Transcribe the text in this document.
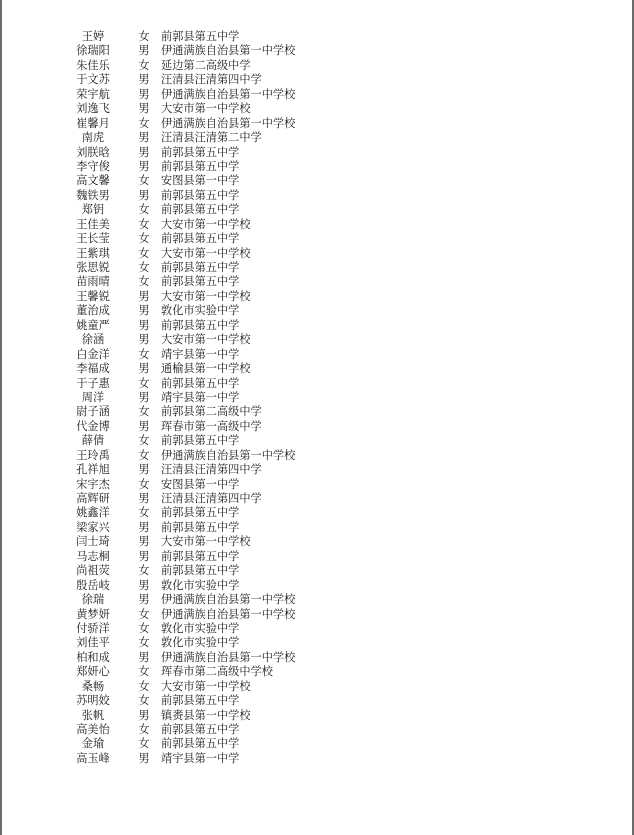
王婷	女 前郭县第五中学
徐瑞阳	男 伊通满族自治县第一中学校
朱佳乐	女 延边第二高级中学
于文苏	男 汪清县汪清第四中学
荣宇航	男 伊通满族自治县第一中学校
刘逸飞	男 大安市第一中学校
崔馨月	女 伊通满族自治县第一中学校
南虎	男 汪清县汪清第二中学
刘朕晗	男 前郭县第五中学
李守俊	男 前郭县第五中学
高文馨	女 安图县第一中学
魏铁男	男 前郭县第五中学
郑钥	女 前郭县第五中学
王佳美	女 大安市第一中学校
王长莹	女 前郭县第五中学
王紫琪	女 大安市第一中学校
张思锐	女 前郭县第五中学
苗雨晴	女 前郭县第五中学
王馨锐	男 大安市第一中学校
董治成	男 敦化市实验中学
姚童严	男 前郭县第五中学
徐涵	男 大安市第一中学校
白金洋	女 靖宇县第一中学
李福成	男 通榆县第一中学校
于子惠	女 前郭县第五中学
周洋	男 靖宇县第一中学
尉子涵	女 前郭县第二高级中学
代金博	男 珲春市第一高级中学
薛倩	女 前郭县第五中学
王玲禹	女 伊通满族自治县第一中学校
孔祥旭	男 汪清县汪清第四中学
宋宇杰	女 安图县第一中学
高辉研	男 汪清县汪清第四中学
姚鑫洋	女 前郭县第五中学
梁家兴	男 前郭县第五中学
闫士琦	男 大安市第一中学校
马志桐	男 前郭县第五中学
尚祖荧	女 前郭县第五中学
殷岳岐	男 敦化市实验中学
徐瑞	男 伊通满族自治县第一中学校
黄梦妍	女 伊通满族自治县第一中学校
付骄洋	女 敦化市实验中学
刘佳平	女 敦化市实验中学
柏和成	男 伊通满族自治县第一中学校
郑妍心	女 珲春市第二高级中学校
桑畅	女 大安市第一中学校
苏明姣	女 前郭县第五中学
张帆	男 镇赉县第一中学校
高美怡	女 前郭县第五中学
金瑜	女 前郭县第五中学
高玉峰	男 靖宇县第一中学
